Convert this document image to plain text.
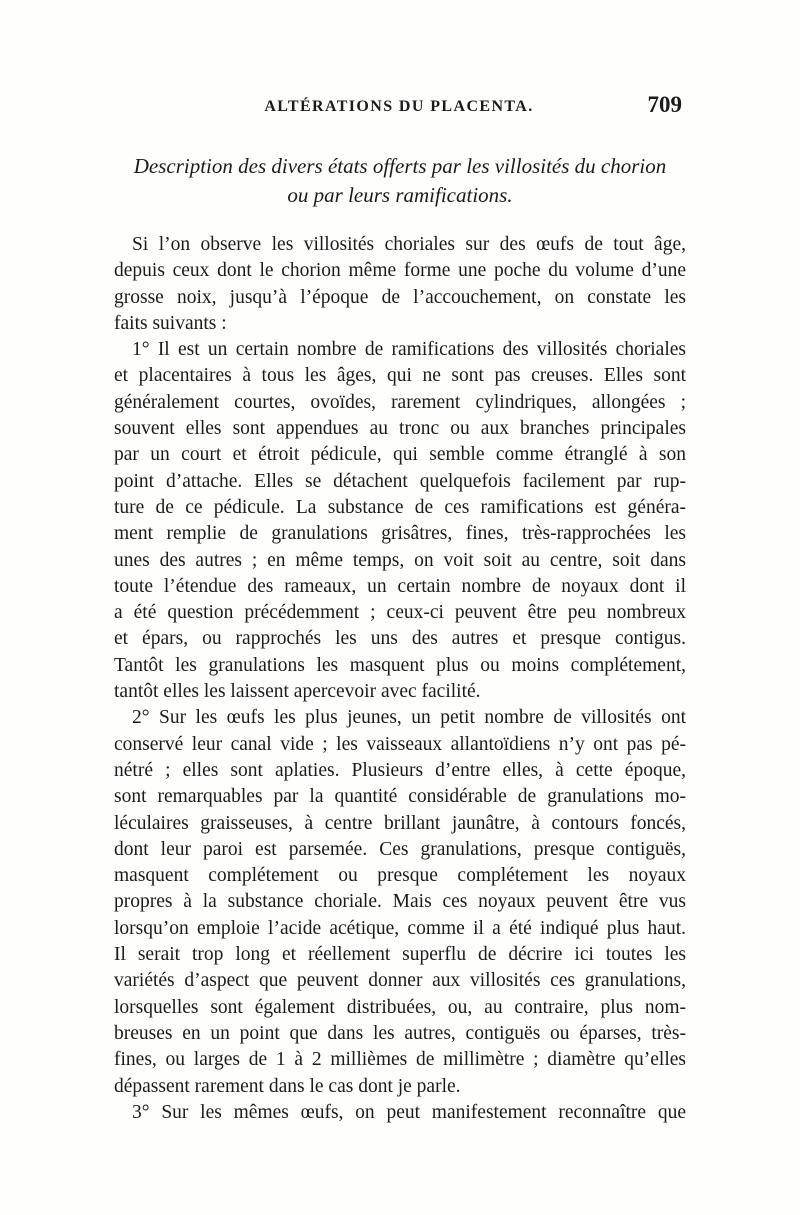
ALTÉRATIONS DU PLACENTA.	709
Description des divers états offerts par les villosités du chorion
ou par leurs ramifications.
Si l’on observe les villosités choriales sur des œufs de tout âge,
depuis ceux dont le chorion même forme une poche du volume d’une
grosse noix, jusqu’à l’époque de l’accouchement, on constate les
faits suivants :
1° Il est un certain nombre de ramifications des villosités choriales
et placentaires à tous les âges, qui ne sont pas creuses. Elles sont
généralement courtes, ovoïdes, rarement cylindriques, allongées ;
souvent elles sont appendues au tronc ou aux branches principales
par un court et étroit pédicule, qui semble comme étranglé à son
point d’attache. Elles se détachent quelquefois facilement par rup-
ture de ce pédicule. La substance de ces ramifications est généra-
ment remplie de granulations grisâtres, fines, très-rapprochées les
unes des autres ; en même temps, on voit soit au centre, soit dans
toute l’étendue des rameaux, un certain nombre de noyaux dont il
a été question précédemment ; ceux-ci peuvent être peu nombreux
et épars, ou rapprochés les uns des autres et presque contigus.
Tantôt les granulations les masquent plus ou moins complétement,
tantôt elles les laissent apercevoir avec facilité.
2° Sur les œufs les plus jeunes, un petit nombre de villosités ont
conservé leur canal vide ; les vaisseaux allantoïdiens n’y ont pas pé-
nétré ; elles sont aplaties. Plusieurs d’entre elles, à cette époque,
sont remarquables par la quantité considérable de granulations mo-
léculaires graisseuses, à centre brillant jaunâtre, à contours foncés,
dont leur paroi est parsemée. Ces granulations, presque contiguës,
masquent complétement ou presque complétement les noyaux
propres à la substance choriale. Mais ces noyaux peuvent être vus
lorsqu’on emploie l’acide acétique, comme il a été indiqué plus haut.
Il serait trop long et réellement superflu de décrire ici toutes les
variétés d’aspect que peuvent donner aux villosités ces granulations,
lorsquelles sont également distribuées, ou, au contraire, plus nom-
breuses en un point que dans les autres, contiguës ou éparses, très-
fines, ou larges de 1 à 2 millièmes de millimètre ; diamètre qu’elles
dépassent rarement dans le cas dont je parle.
3° Sur les mêmes œufs, on peut manifestement reconnaître que
